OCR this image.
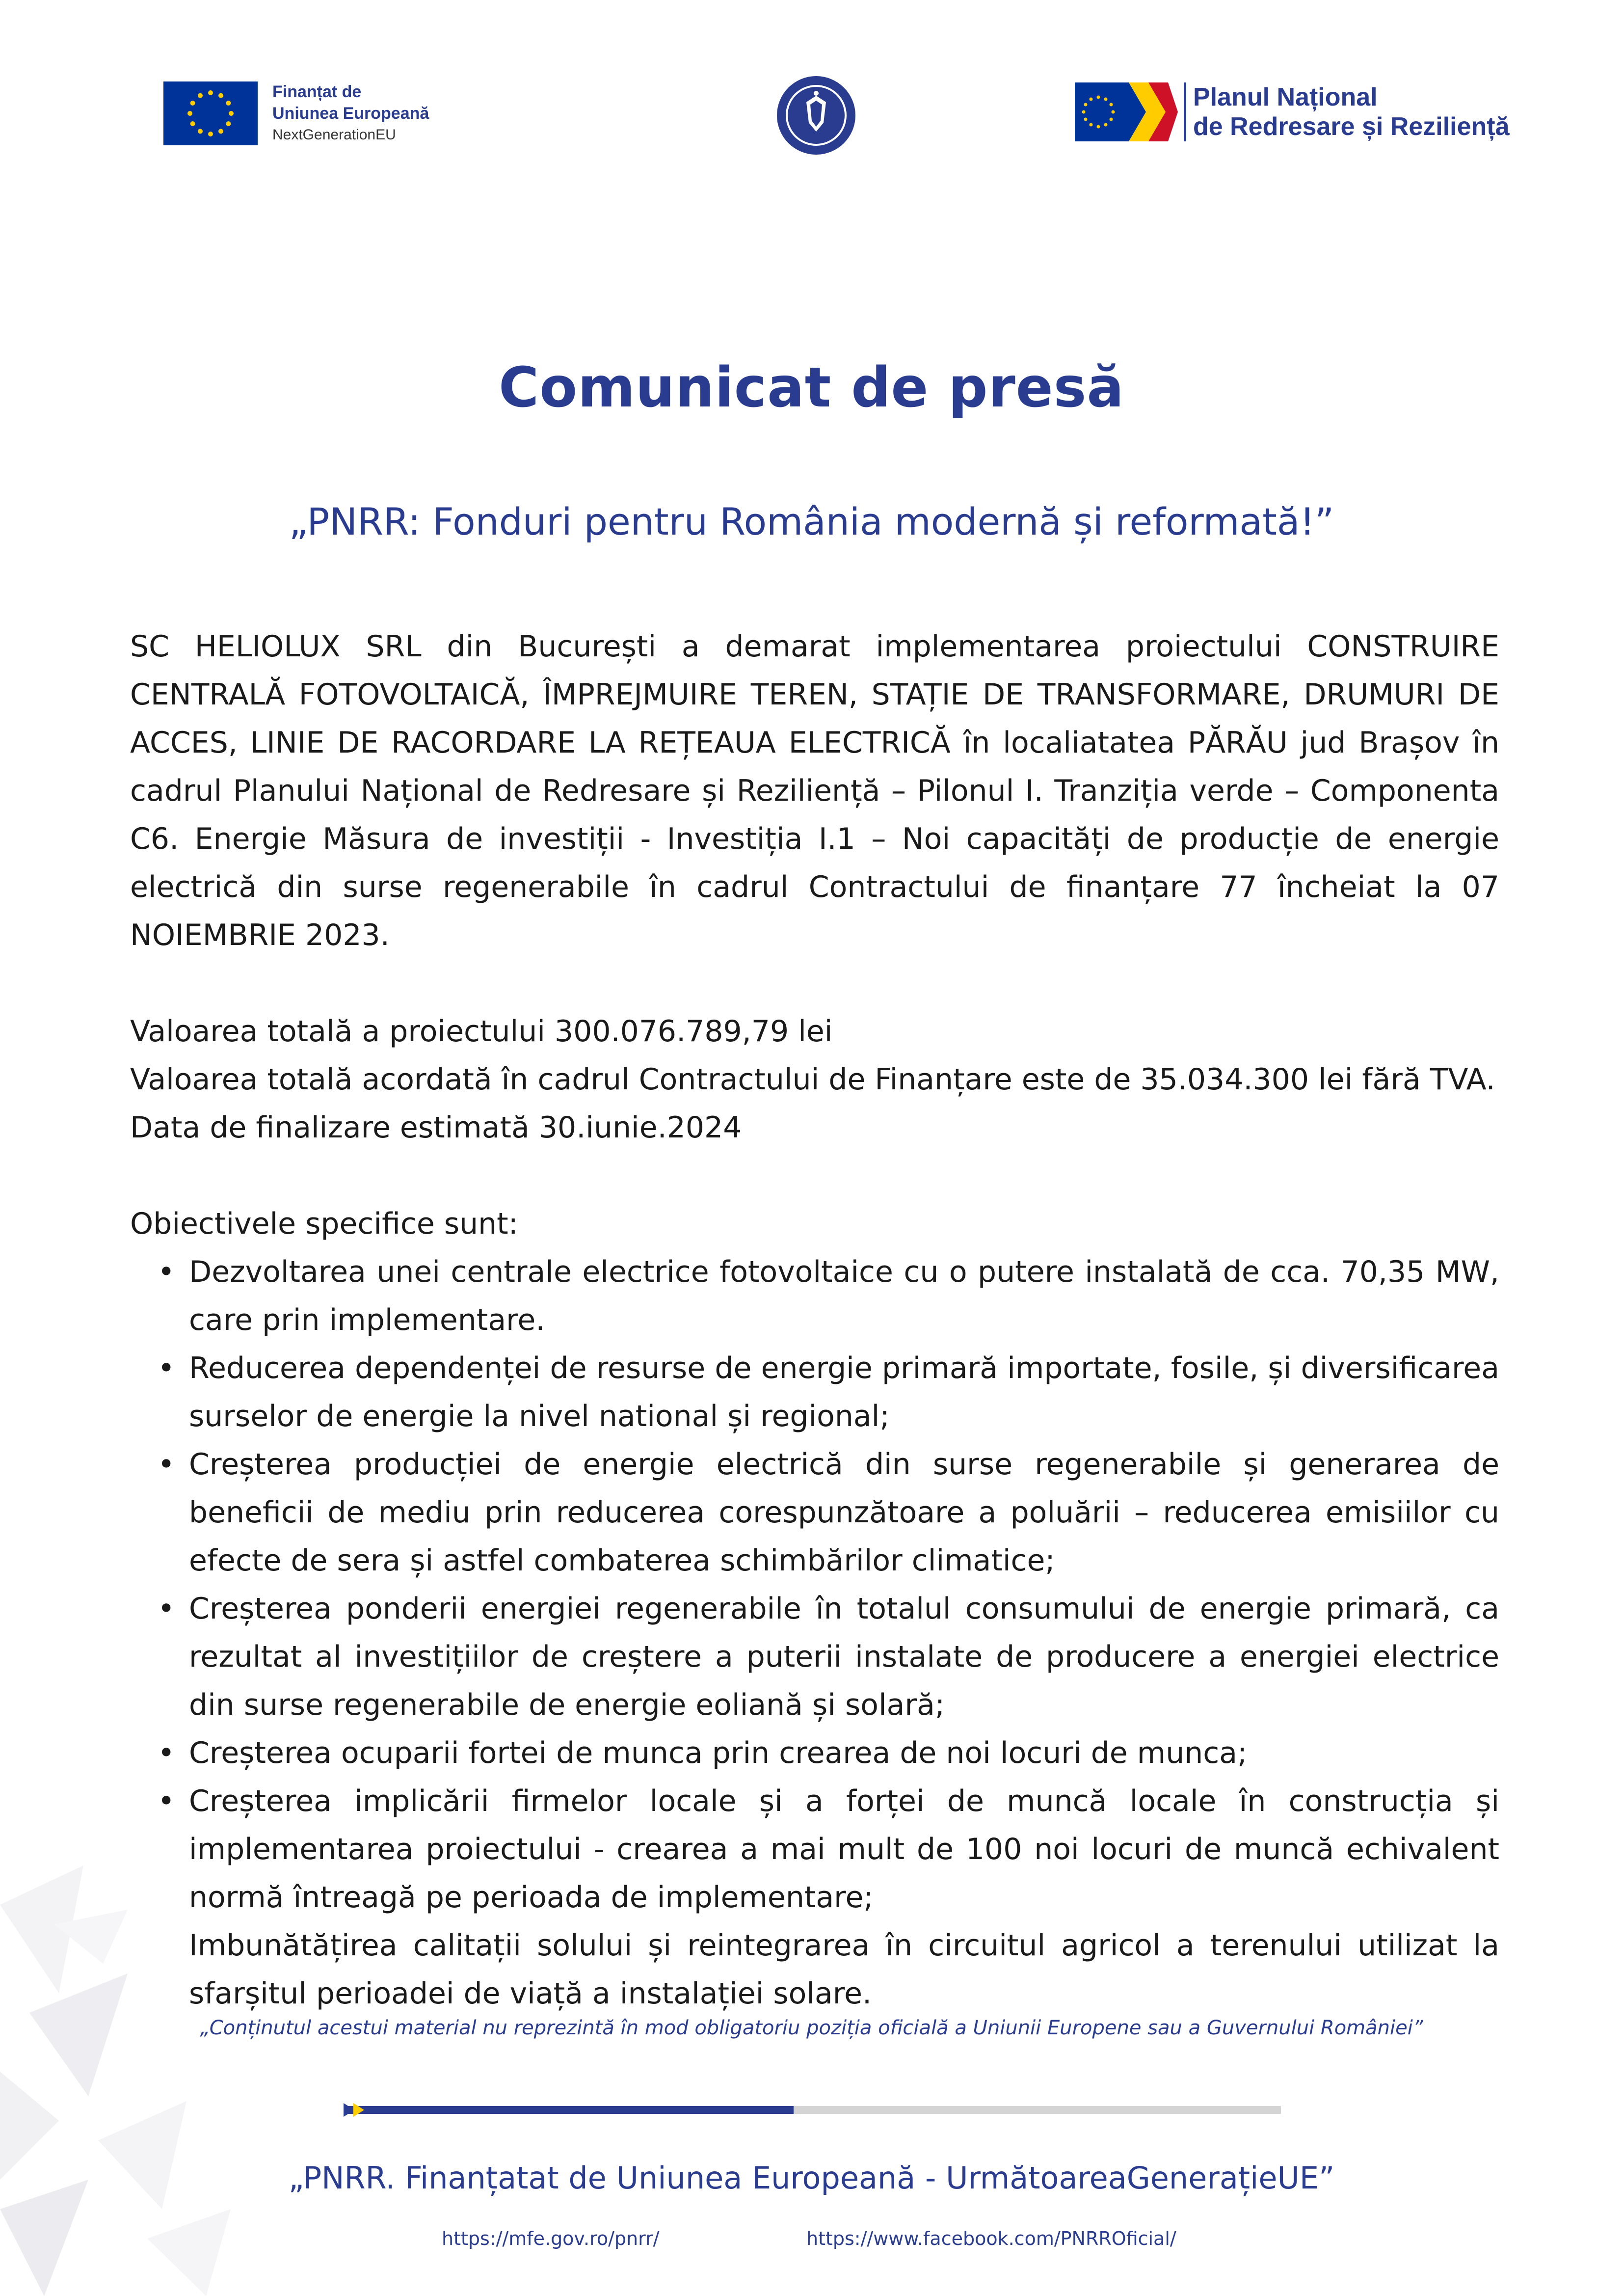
Finanțat de
Uniunea Europeană
NextGenerationEU
Planul Național
de Redresare și Reziliență
Comunicat de presă
„PNRR: Fonduri pentru România modernă și reformată!”

SC HELIOLUX SRL din București a demarat implementarea proiectului CONSTRUIRE CENTRALĂ FOTOVOLTAICĂ, ÎMPREJMUIRE TEREN, STAȚIE DE TRANSFORMARE, DRUMURI DE ACCES, LINIE DE RACORDARE LA REȚEAUA ELECTRICĂ în localiatatea PĂRĂU jud Brașov în cadrul Planului Național de Redresare și Reziliență – Pilonul I. Tranziția verde – Componenta C6. Energie Măsura de investiții - Investiția I.1 – Noi capacități de producție de energie electrică din surse regenerabile în cadrul Contractului de finanțare 77 încheiat la 07 NOIEMBRIE 2023.

Valoarea totală a proiectului 300.076.789,79 lei
Valoarea totală acordată în cadrul Contractului de Finanțare este de 35.034.300 lei fără TVA.
Data de finalizare estimată 30.iunie.2024
Obiectivele specifice sunt:
• Dezvoltarea unei centrale electrice fotovoltaice cu o putere instalată de cca. 70,35 MW, care prin implementare.
• Reducerea dependenței de resurse de energie primară importate, fosile, și diversificarea surselor de energie la nivel national și regional;
• Creșterea producției de energie electrică din surse regenerabile și generarea de beneficii de mediu prin reducerea corespunzătoare a poluării – reducerea emisiilor cu efecte de sera și astfel combaterea schimbărilor climatice;
• Creșterea ponderii energiei regenerabile în totalul consumului de energie primară, ca rezultat al investițiilor de creștere a puterii instalate de producere a energiei electrice din surse regenerabile de energie eoliană și solară;
• Creșterea ocuparii fortei de munca prin crearea de noi locuri de munca;
• Creșterea implicării firmelor locale și a forței de muncă locale în construcția și implementarea proiectului - crearea a mai mult de 100 noi locuri de muncă echivalent normă întreagă pe perioada de implementare;
Imbunătățirea calitații solului și reintegrarea în circuitul agricol a terenului utilizat la sfarșitul perioadei de viață a instalației solare.
„Conținutul acestui material nu reprezintă în mod obligatoriu poziția oficială a Uniunii Europene sau a Guvernului României”
„PNRR. Finanțatat de Uniunea Europeană - UrmătoareaGenerațieUE”
https://mfe.gov.ro/pnrr/	https://www.facebook.com/PNRROficial/
